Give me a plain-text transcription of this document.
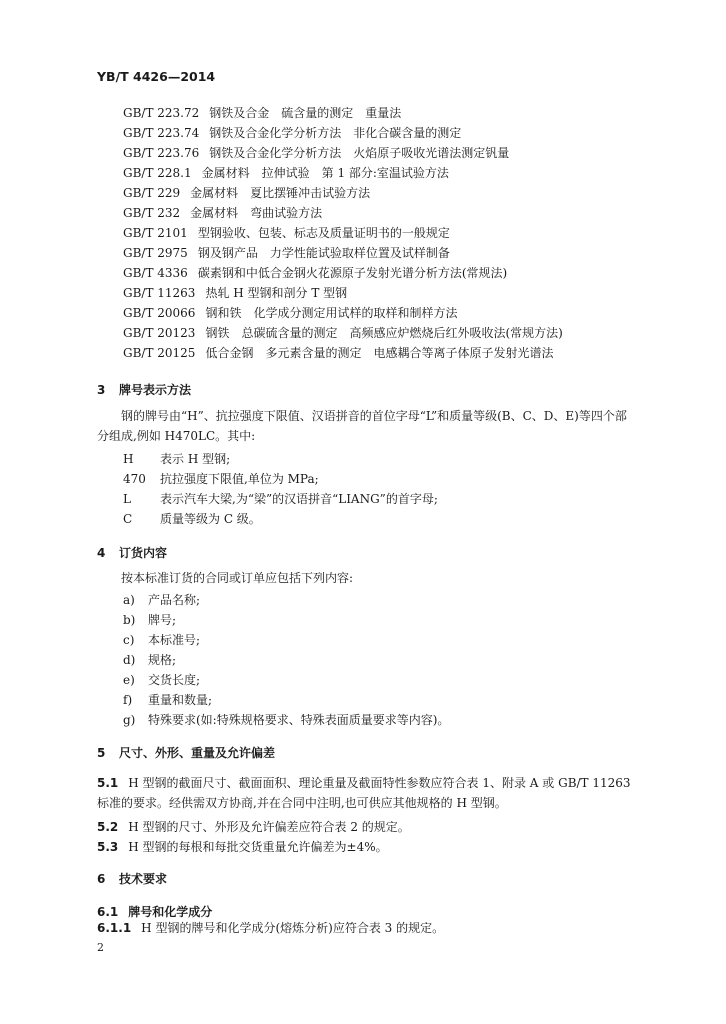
YB/T 4426—2014
GB/T 223.72 钢铁及合金　硫含量的测定　重量法
GB/T 223.74 钢铁及合金化学分析方法　非化合碳含量的测定
GB/T 223.76 钢铁及合金化学分析方法　火焰原子吸收光谱法测定钒量
GB/T 228.1 金属材料　拉伸试验　第 1 部分:室温试验方法
GB/T 229 金属材料　夏比摆锤冲击试验方法
GB/T 232 金属材料　弯曲试验方法
GB/T 2101 型钢验收、包装、标志及质量证明书的一般规定
GB/T 2975 钢及钢产品　力学性能试验取样位置及试样制备
GB/T 4336 碳素钢和中低合金钢火花源原子发射光谱分析方法(常规法)
GB/T 11263 热轧 H 型钢和剖分 T 型钢
GB/T 20066 钢和铁　化学成分测定用试样的取样和制样方法
GB/T 20123 钢铁　总碳硫含量的测定　高频感应炉燃烧后红外吸收法(常规方法)
GB/T 20125 低合金钢　多元素含量的测定　电感耦合等离子体原子发射光谱法
3 牌号表示方法
钢的牌号由“H”、抗拉强度下限值、汉语拼音的首位字母“L”和质量等级(B、C、D、E)等四个部分组成,例如 H470LC。其中:
H 表示 H 型钢;
470 抗拉强度下限值,单位为 MPa;
L 表示汽车大梁,为“梁”的汉语拼音“LIANG”的首字母;
C 质量等级为 C 级。
4 订货内容
按本标准订货的合同或订单应包括下列内容:
a) 产品名称;
b) 牌号;
c) 本标准号;
d) 规格;
e) 交货长度;
f) 重量和数量;
g) 特殊要求(如:特殊规格要求、特殊表面质量要求等内容)。
5 尺寸、外形、重量及允许偏差
5.1 H 型钢的截面尺寸、截面面积、理论重量及截面特性参数应符合表 1、附录 A 或 GB/T 11263 标准的要求。经供需双方协商,并在合同中注明,也可供应其他规格的 H 型钢。
5.2 H 型钢的尺寸、外形及允许偏差应符合表 2 的规定。
5.3 H 型钢的每根和每批交货重量允许偏差为±4%。
6 技术要求
6.1 牌号和化学成分
6.1.1 H 型钢的牌号和化学成分(熔炼分析)应符合表 3 的规定。
2
